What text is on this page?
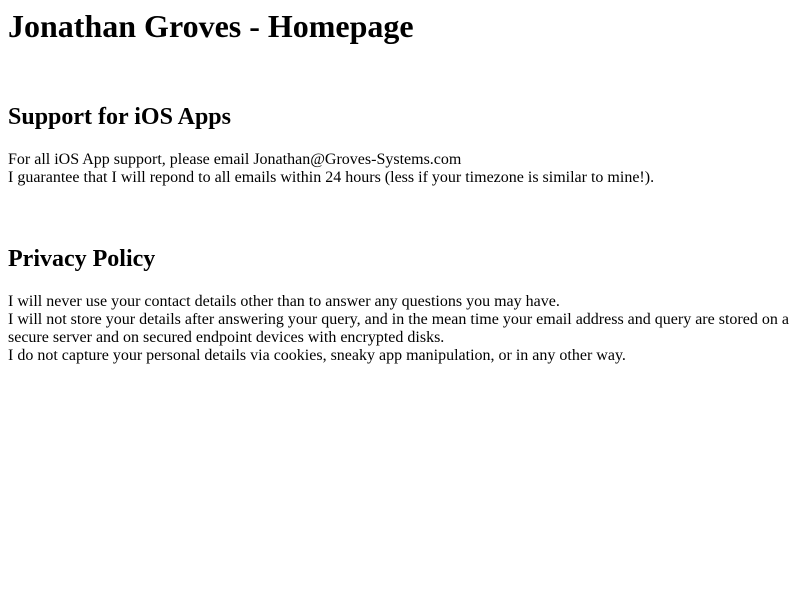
Jonathan Groves - Homepage
Support for iOS Apps
For all iOS App support, please email Jonathan@Groves-Systems.com
I guarantee that I will repond to all emails within 24 hours (less if your timezone is similar to mine!).
Privacy Policy
I will never use your contact details other than to answer any questions you may have.
I will not store your details after answering your query, and in the mean time your email address and query are stored on a secure server and on secured endpoint devices with encrypted disks.
I do not capture your personal details via cookies, sneaky app manipulation, or in any other way.
